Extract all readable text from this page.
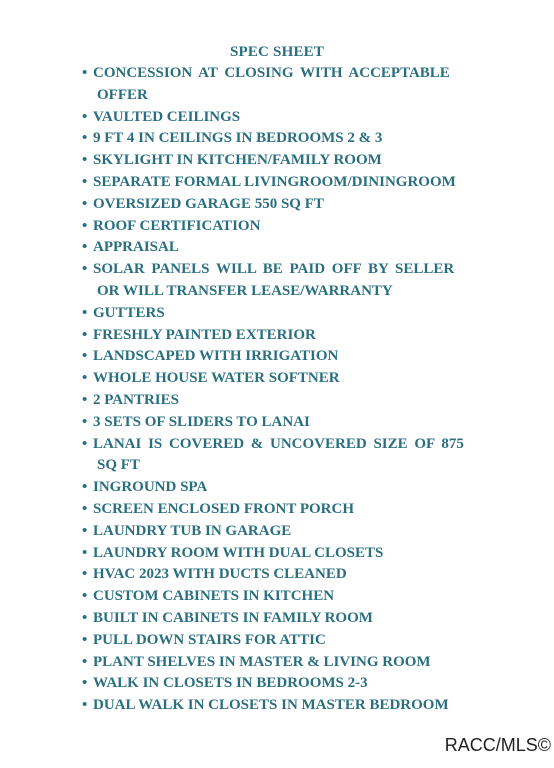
SPEC SHEET
• CONCESSION AT CLOSING WITH ACCEPTABLE
OFFER
• VAULTED CEILINGS
• 9 FT 4 IN CEILINGS IN BEDROOMS 2 & 3
• SKYLIGHT IN KITCHEN/FAMILY ROOM
• SEPARATE FORMAL LIVINGROOM/DININGROOM
• OVERSIZED GARAGE 550 SQ FT
• ROOF CERTIFICATION
• APPRAISAL
• SOLAR PANELS WILL BE PAID OFF BY SELLER
OR WILL TRANSFER LEASE/WARRANTY
• GUTTERS
• FRESHLY PAINTED EXTERIOR
• LANDSCAPED WITH IRRIGATION
• WHOLE HOUSE WATER SOFTNER
• 2 PANTRIES
• 3 SETS OF SLIDERS TO LANAI
• LANAI IS COVERED & UNCOVERED SIZE OF 875
SQ FT
• INGROUND SPA
• SCREEN ENCLOSED FRONT PORCH
• LAUNDRY TUB IN GARAGE
• LAUNDRY ROOM WITH DUAL CLOSETS
• HVAC 2023 WITH DUCTS CLEANED
• CUSTOM CABINETS IN KITCHEN
• BUILT IN CABINETS IN FAMILY ROOM
• PULL DOWN STAIRS FOR ATTIC
• PLANT SHELVES IN MASTER & LIVING ROOM
• WALK IN CLOSETS IN BEDROOMS 2-3
• DUAL WALK IN CLOSETS IN MASTER BEDROOM
RACC/MLS©
